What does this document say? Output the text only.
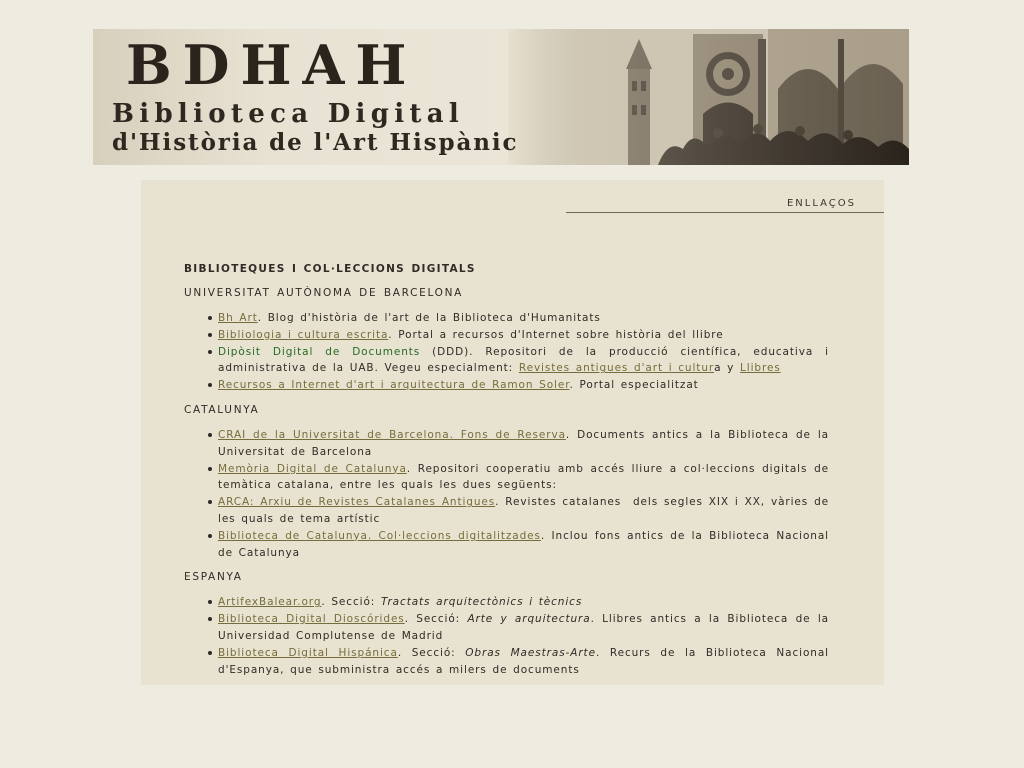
BDHAH
Biblioteca Digital
d'Història de l'Art Hispànic
ENLLAÇOS
BIBLIOTEQUES I COL·LECCIONS DIGITALS
UNIVERSITAT AUTÒNOMA DE BARCELONA
Bh Art. Blog d'història de l'art de la Biblioteca d'Humanitats
Bibliologia i cultura escrita. Portal a recursos d'Internet sobre història del llibre
Dipòsit Digital de Documents (DDD). Repositori de la producció científica, educativa i administrativa de la UAB. Vegeu especialment: Revistes antigues d'art i cultura y Llibres
Recursos a Internet d'art i arquitectura de Ramon Soler. Portal especialitzat
CATALUNYA
CRAI de la Universitat de Barcelona. Fons de Reserva. Documents antics a la Biblioteca de la Universitat de Barcelona
Memòria Digital de Catalunya. Repositori cooperatiu amb accés lliure a col·leccions digitals de temàtica catalana, entre les quals les dues següents:
ARCA: Arxiu de Revistes Catalanes Antigues. Revistes catalanes  dels segles XIX i XX, vàries de les quals de tema artístic
Biblioteca de Catalunya. Col·leccions digitalitzades. Inclou fons antics de la Biblioteca Nacional de Catalunya
ESPANYA
ArtifexBalear.org. Secció: Tractats arquitectònics i tècnics
Biblioteca Digital Dioscórides. Secció: Arte y arquitectura. Llibres antics a la Biblioteca de la Universidad Complutense de Madrid
Biblioteca Digital Hispánica. Secció: Obras Maestras-Arte. Recurs de la Biblioteca Nacional d'Espanya, que subministra accés a milers de documents
